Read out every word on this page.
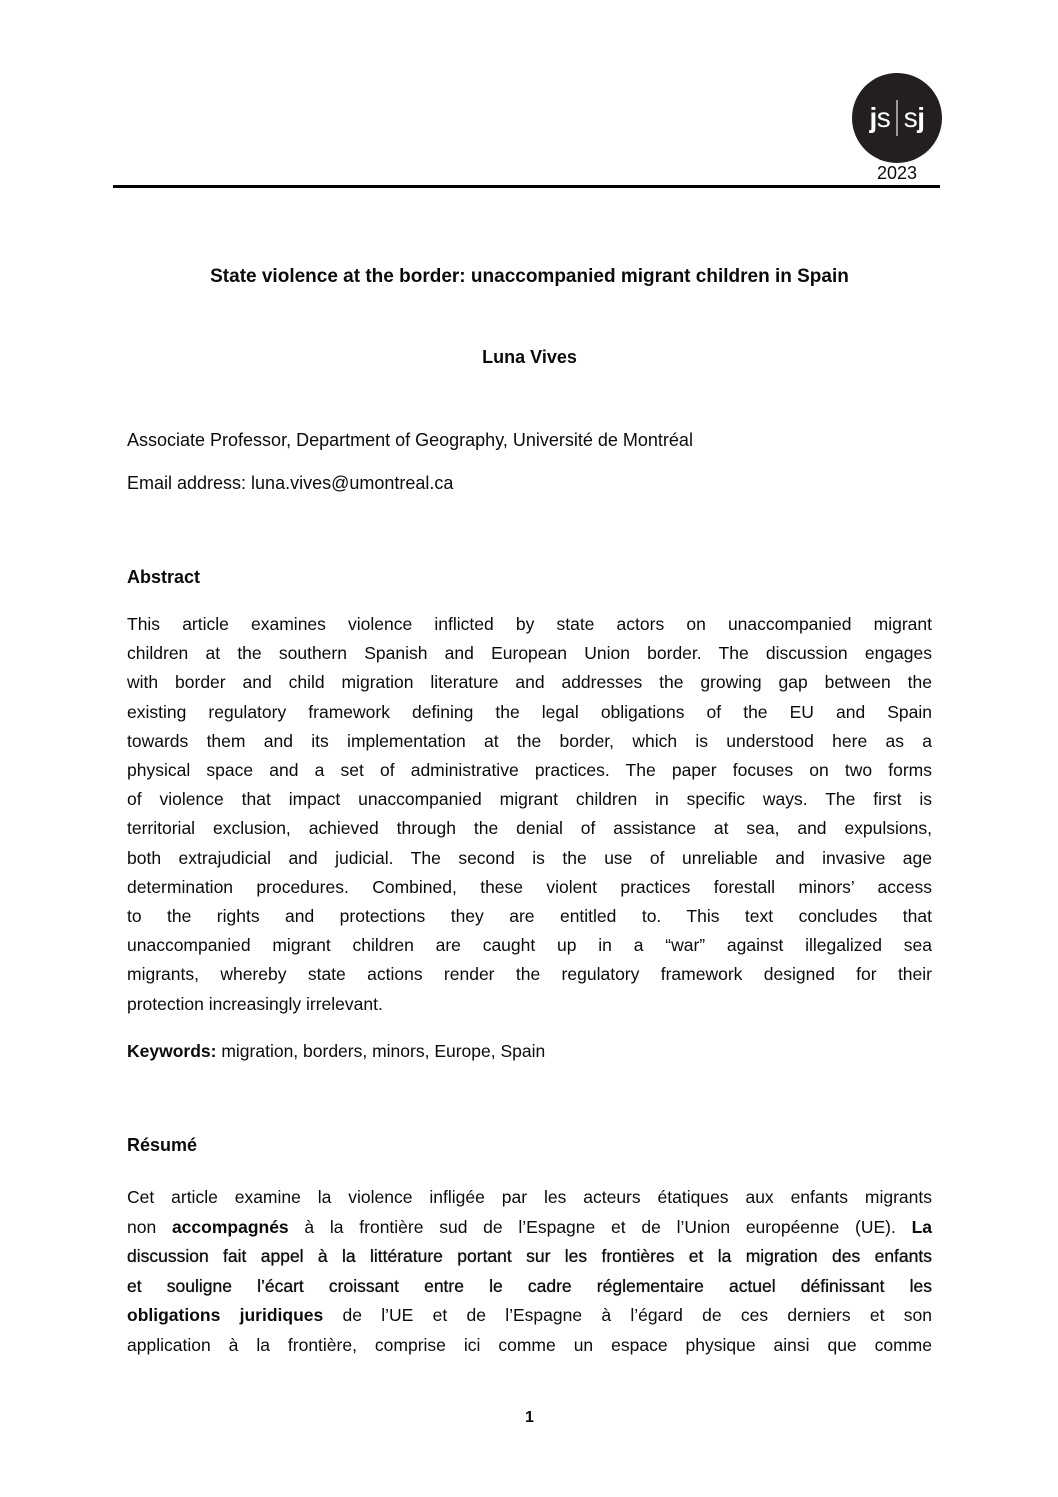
js sj
2023
State violence at the border: unaccompanied migrant children in Spain
Luna Vives
Associate Professor, Department of Geography, Université de Montréal
Email address: luna.vives@umontreal.ca
Abstract
This article examines violence inflicted by state actors on unaccompanied migrant
children at the southern Spanish and European Union border. The discussion engages
with border and child migration literature and addresses the growing gap between the
existing regulatory framework defining the legal obligations of the EU and Spain
towards them and its implementation at the border, which is understood here as a
physical space and a set of administrative practices. The paper focuses on two forms
of violence that impact unaccompanied migrant children in specific ways. The first is
territorial exclusion, achieved through the denial of assistance at sea, and expulsions,
both extrajudicial and judicial. The second is the use of unreliable and invasive age
determination procedures. Combined, these violent practices forestall minors’ access
to the rights and protections they are entitled to. This text concludes that
unaccompanied migrant children are caught up in a “war” against illegalized sea
migrants, whereby state actions render the regulatory framework designed for their
protection increasingly irrelevant.
Keywords: migration, borders, minors, Europe, Spain
Résumé
Cet article examine la violence infligée par les acteurs étatiques aux enfants migrants
non accompagnés à la frontière sud de l’Espagne et de l’Union européenne (UE). La
discussion fait appel à la littérature portant sur les frontières et la migration des enfants
et souligne l’écart croissant entre le cadre réglementaire actuel définissant les
obligations juridiques de l’UE et de l’Espagne à l’égard de ces derniers et son
application à la frontière, comprise ici comme un espace physique ainsi que comme
1
